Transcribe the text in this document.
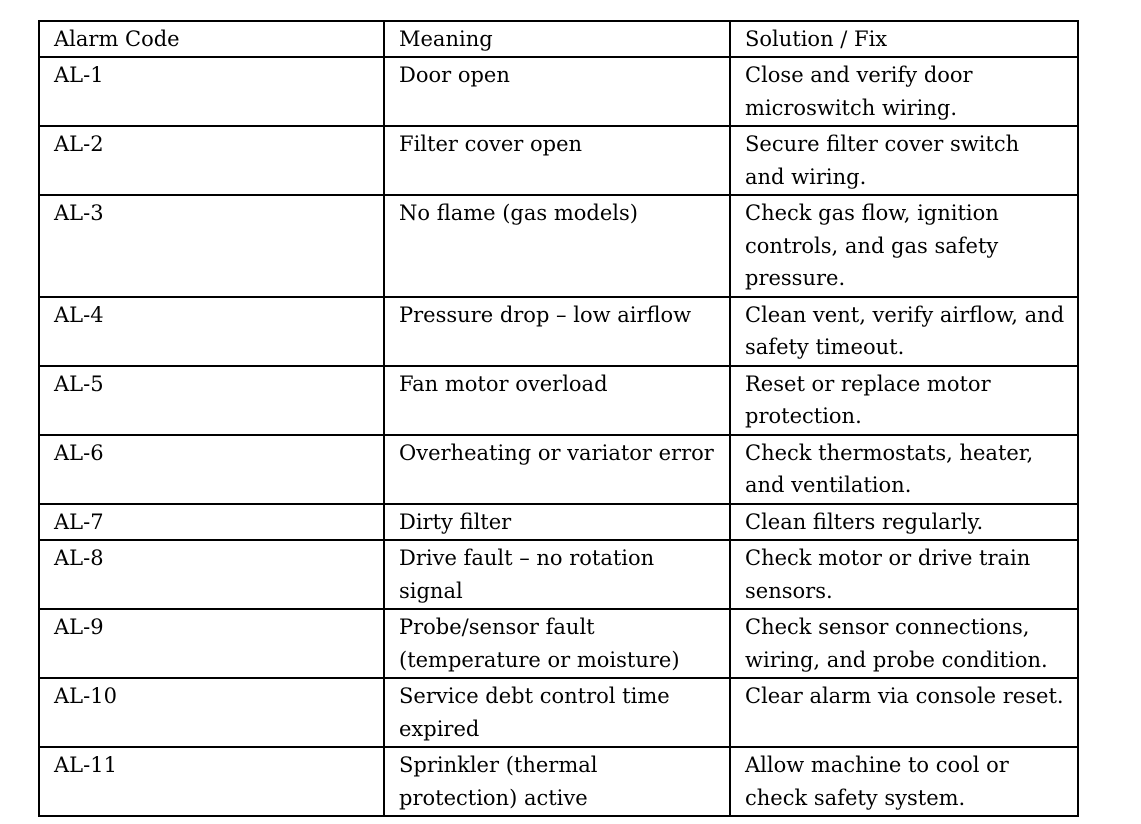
Alarm Code	Meaning	Solution / Fix
AL-1	Door open	Close and verify door microswitch wiring.
AL-2	Filter cover open	Secure filter cover switch and wiring.
AL-3	No flame (gas models)	Check gas flow, ignition controls, and gas safety pressure.
AL-4	Pressure drop – low airflow	Clean vent, verify airflow, and safety timeout.
AL-5	Fan motor overload	Reset or replace motor protection.
AL-6	Overheating or variator error	Check thermostats, heater, and ventilation.
AL-7	Dirty filter	Clean filters regularly.
AL-8	Drive fault – no rotation signal	Check motor or drive train sensors.
AL-9	Probe/sensor fault (temperature or moisture)	Check sensor connections, wiring, and probe condition.
AL-10	Service debt control time expired	Clear alarm via console reset.
AL-11	Sprinkler (thermal protection) active	Allow machine to cool or check safety system.
